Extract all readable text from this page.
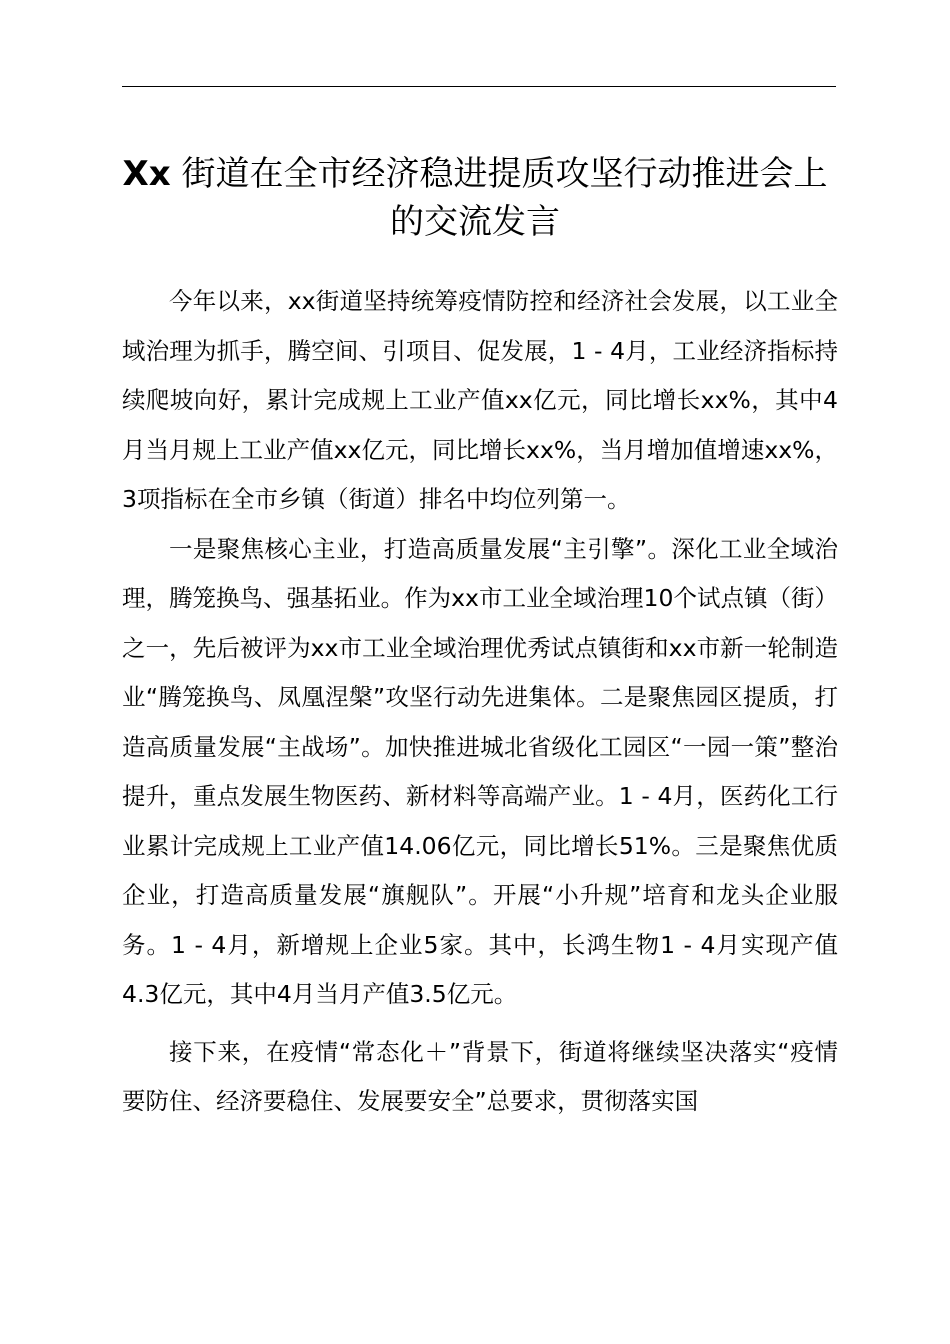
Xx 街道在全市经济稳进提质攻坚行动推进会上的交流发言

今年以来，xx街道坚持统筹疫情防控和经济社会发展，以工业全域治理为抓手，腾空间、引项目、促发展，1 - 4月，工业经济指标持续爬坡向好，累计完成规上工业产值xx亿元，同比增长xx%，其中4月当月规上工业产值xx亿元，同比增长xx%，当月增加值增速xx%，3项指标在全市乡镇（街道）排名中均位列第一。

一是聚焦核心主业，打造高质量发展“主引擎”。深化工业全域治理，腾笼换鸟、强基拓业。作为xx市工业全域治理10个试点镇（街）之一，先后被评为xx市工业全域治理优秀试点镇街和xx市新一轮制造业“腾笼换鸟、凤凰涅槃”攻坚行动先进集体。二是聚焦园区提质，打造高质量发展“主战场”。加快推进城北省级化工园区“一园一策”整治提升，重点发展生物医药、新材料等高端产业。1 - 4月，医药化工行业累计完成规上工业产值14.06亿元，同比增长51%。三是聚焦优质企业，打造高质量发展“旗舰队”。开展“小升规”培育和龙头企业服务。1 - 4月，新增规上企业5家。其中，长鸿生物1 - 4月实现产值4.3亿元，其中4月当月产值3.5亿元。

接下来，在疫情“常态化＋”背景下，街道将继续坚决落实“疫情要防住、经济要稳住、发展要安全”总要求，贯彻落实国
